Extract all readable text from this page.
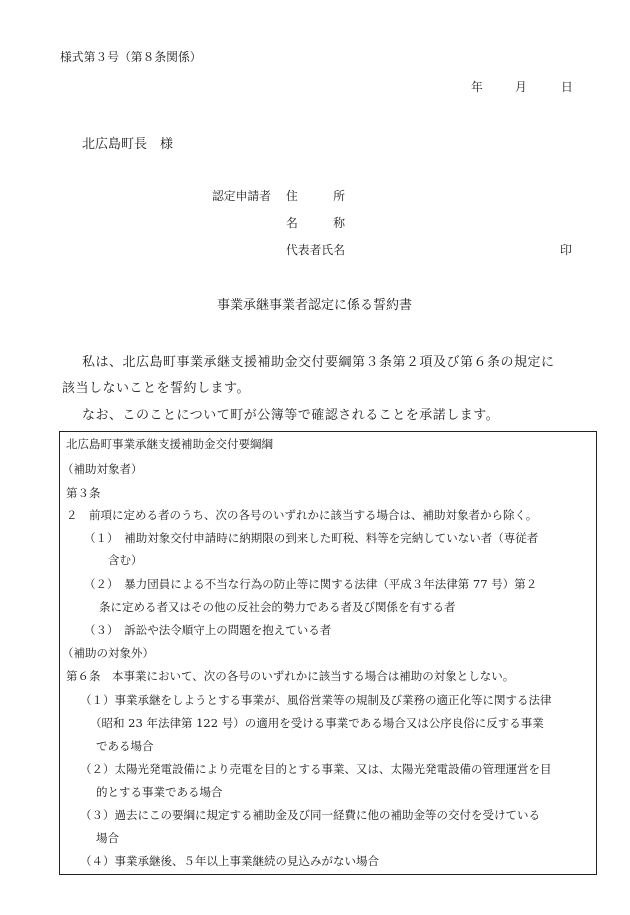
様式第３号（第８条関係）
年	月	日
北広島町長　様
認定申請者 住　　　所
名　　　称
代表者氏名	印
事業承継事業者認定に係る誓約書
私は、北広島町事業承継支援補助金交付要綱第３条第２項及び第６条の規定に
該当しないことを誓約します。
なお、このことについて町が公簿等で確認されることを承諾します。
北広島町事業承継支援補助金交付要綱綱
（補助対象者）
第３条
２　前項に定める者のうち、次の各号のいずれかに該当する場合は、補助対象者から除く。
（１）　補助対象交付申請時に納期限の到来した町税、料等を完納していない者（専従者
含む）
（２）　暴力団員による不当な行為の防止等に関する法律（平成３年法律第 77 号）第２
条に定める者又はその他の反社会的勢力である者及び関係を有する者
（３）　訴訟や法令順守上の問題を抱えている者
（補助の対象外）
第６条　本事業において、次の各号のいずれかに該当する場合は補助の対象としない。
（１）事業承継をしようとする事業が、風俗営業等の規制及び業務の適正化等に関する法律
（昭和 23 年法律第 122 号）の適用を受ける事業である場合又は公序良俗に反する事業
である場合
（２）太陽光発電設備により売電を目的とする事業、又は、太陽光発電設備の管理運営を目
的とする事業である場合
（３）過去にこの要綱に規定する補助金及び同一経費に他の補助金等の交付を受けている
場合
（４）事業承継後、５年以上事業継続の見込みがない場合
